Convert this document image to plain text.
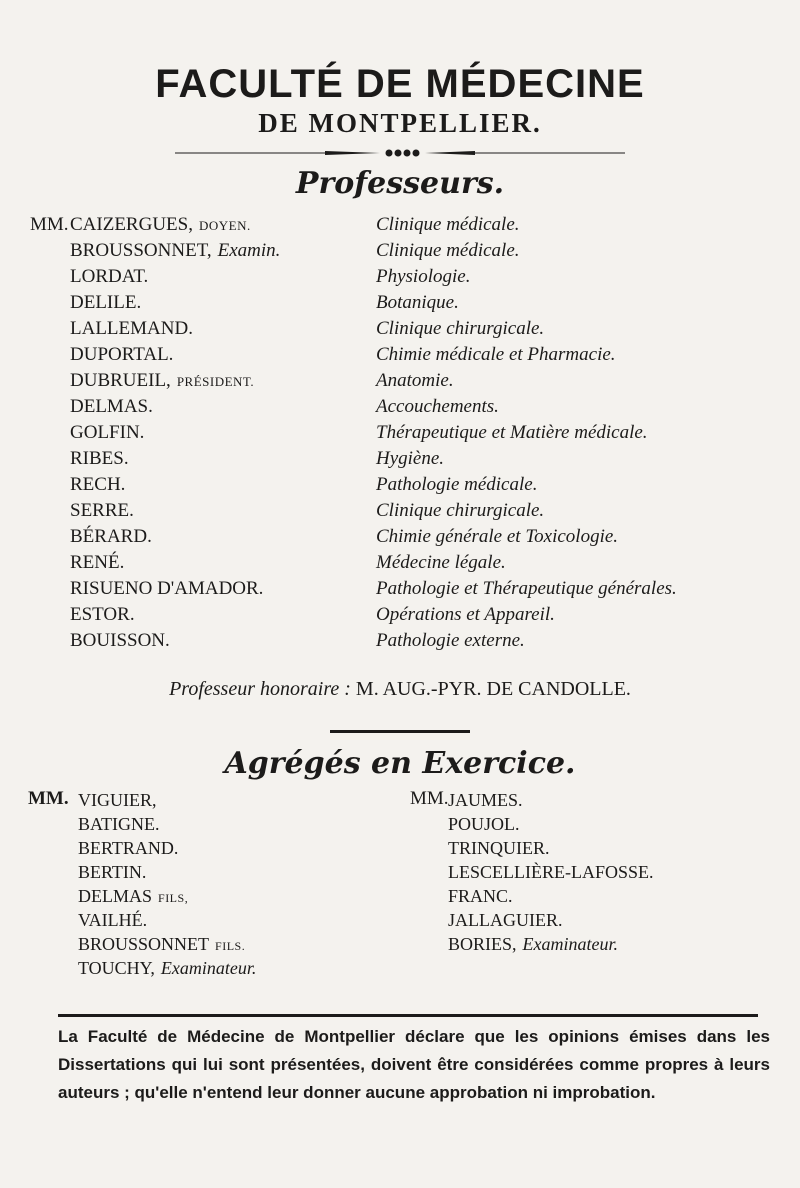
FACULTÉ DE MÉDECINE
DE MONTPELLIER.
Professeurs.
MM. CAIZERGUES, DOYEN.	Clinique médicale.
BROUSSONNET, Examin.	Clinique médicale.
LORDAT.	Physiologie.
DELILE.	Botanique.
LALLEMAND.	Clinique chirurgicale.
DUPORTAL.	Chimie médicale et Pharmacie.
DUBRUEIL, PRÉSIDENT.	Anatomie.
DELMAS.	Accouchements.
GOLFIN.	Thérapeutique et Matière médicale.
RIBES.	Hygiène.
RECH.	Pathologie médicale.
SERRE.	Clinique chirurgicale.
BÉRARD.	Chimie générale et Toxicologie.
RENÉ.	Médecine légale.
RISUENO D'AMADOR.	Pathologie et Thérapeutique générales.
ESTOR.	Opérations et Appareil.
BOUISSON.	Pathologie externe.
Professeur honoraire : M. AUG.-PYR. DE CANDOLLE.
Agrégés en Exercice.
MM. VIGUIER,
BATIGNE.
BERTRAND.
BERTIN.
DELMAS FILS,
VAILHÉ.
BROUSSONNET FILS.
TOUCHY, Examinateur.
MM. JAUMES.
POUJOL.
TRINQUIER.
LESCELLIÈRE-LAFOSSE.
FRANC.
JALLAGUIER.
BORIES, Examinateur.
La Faculté de Médecine de Montpellier déclare que les opinions émises dans les Dissertations qui lui sont présentées, doivent être considérées comme propres à leurs auteurs ; qu'elle n'entend leur donner aucune approbation ni improbation.
